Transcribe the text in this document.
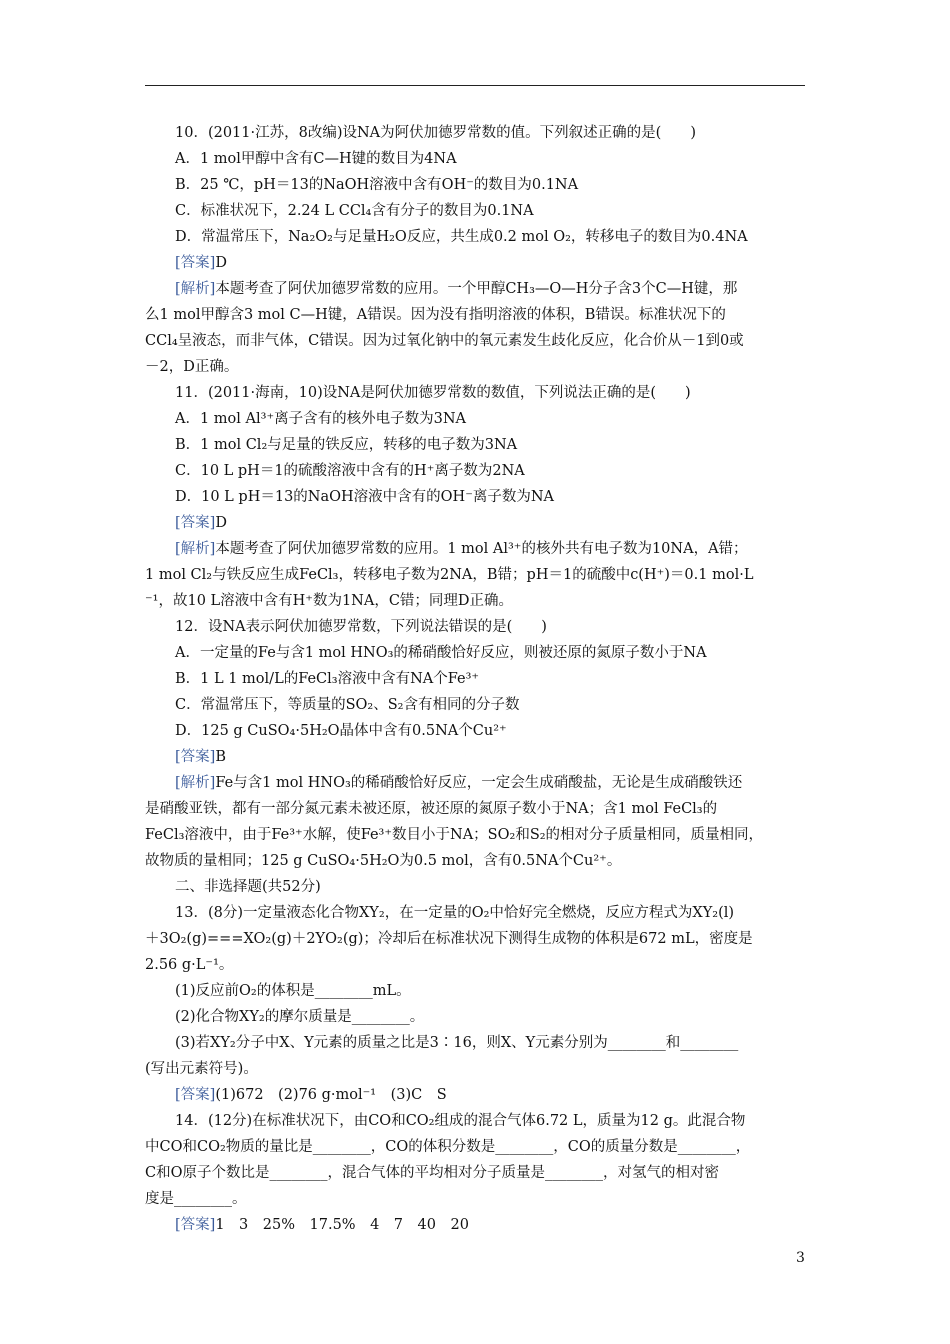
10．(2011·江苏，8改编)设NA为阿伏加德罗常数的值。下列叙述正确的是(　　)
A．1 mol甲醇中含有C—H键的数目为4NA
B．25 ℃，pH＝13的NaOH溶液中含有OH⁻的数目为0.1NA
C．标准状况下，2.24 L CCl₄含有分子的数目为0.1NA
D．常温常压下，Na₂O₂与足量H₂O反应，共生成0.2 mol O₂，转移电子的数目为0.4NA
[答案]D
[解析]本题考查了阿伏加德罗常数的应用。一个甲醇CH₃—O—H分子含3个C—H键，那
么1 mol甲醇含3 mol C—H键，A错误。因为没有指明溶液的体积，B错误。标准状况下的
CCl₄呈液态，而非气体，C错误。因为过氧化钠中的氧元素发生歧化反应，化合价从－1到0或
－2，D正确。
11．(2011·海南，10)设NA是阿伏加德罗常数的数值，下列说法正确的是(　　)
A．1 mol Al³⁺离子含有的核外电子数为3NA
B．1 mol Cl₂与足量的铁反应，转移的电子数为3NA
C．10 L pH＝1的硫酸溶液中含有的H⁺离子数为2NA
D．10 L pH＝13的NaOH溶液中含有的OH⁻离子数为NA
[答案]D
[解析]本题考查了阿伏加德罗常数的应用。1 mol Al³⁺的核外共有电子数为10NA，A错；
1 mol Cl₂与铁反应生成FeCl₃，转移电子数为2NA，B错；pH＝1的硫酸中c(H⁺)＝0.1 mol·L
⁻¹，故10 L溶液中含有H⁺数为1NA，C错；同理D正确。
12．设NA表示阿伏加德罗常数，下列说法错误的是(　　)
A．一定量的Fe与含1 mol HNO₃的稀硝酸恰好反应，则被还原的氮原子数小于NA
B．1 L 1 mol/L的FeCl₃溶液中含有NA个Fe³⁺
C．常温常压下，等质量的SO₂、S₂含有相同的分子数
D．125 g CuSO₄·5H₂O晶体中含有0.5NA个Cu²⁺
[答案]B
[解析]Fe与含1 mol HNO₃的稀硝酸恰好反应，一定会生成硝酸盐，无论是生成硝酸铁还
是硝酸亚铁，都有一部分氮元素未被还原，被还原的氮原子数小于NA；含1 mol FeCl₃的
FeCl₃溶液中，由于Fe³⁺水解，使Fe³⁺数目小于NA；SO₂和S₂的相对分子质量相同，质量相同，
故物质的量相同；125 g CuSO₄·5H₂O为0.5 mol，含有0.5NA个Cu²⁺。
二、非选择题(共52分)
13．(8分)一定量液态化合物XY₂，在一定量的O₂中恰好完全燃烧，反应方程式为XY₂(l)
＋3O₂(g)===XO₂(g)＋2YO₂(g)；冷却后在标准状况下测得生成物的体积是672 mL，密度是
2.56 g·L⁻¹。
(1)反应前O₂的体积是________mL。
(2)化合物XY₂的摩尔质量是________。
(3)若XY₂分子中X、Y元素的质量之比是3∶16，则X、Y元素分别为________和________
(写出元素符号)。
[答案](1)672　(2)76 g·mol⁻¹　(3)C　S
14．(12分)在标准状况下，由CO和CO₂组成的混合气体6.72 L，质量为12 g。此混合物
中CO和CO₂物质的量比是________，CO的体积分数是________，CO的质量分数是________，
C和O原子个数比是________，混合气体的平均相对分子质量是________，对氢气的相对密
度是________。
[答案]1　3　25%　17.5%　4　7　40　20
3
